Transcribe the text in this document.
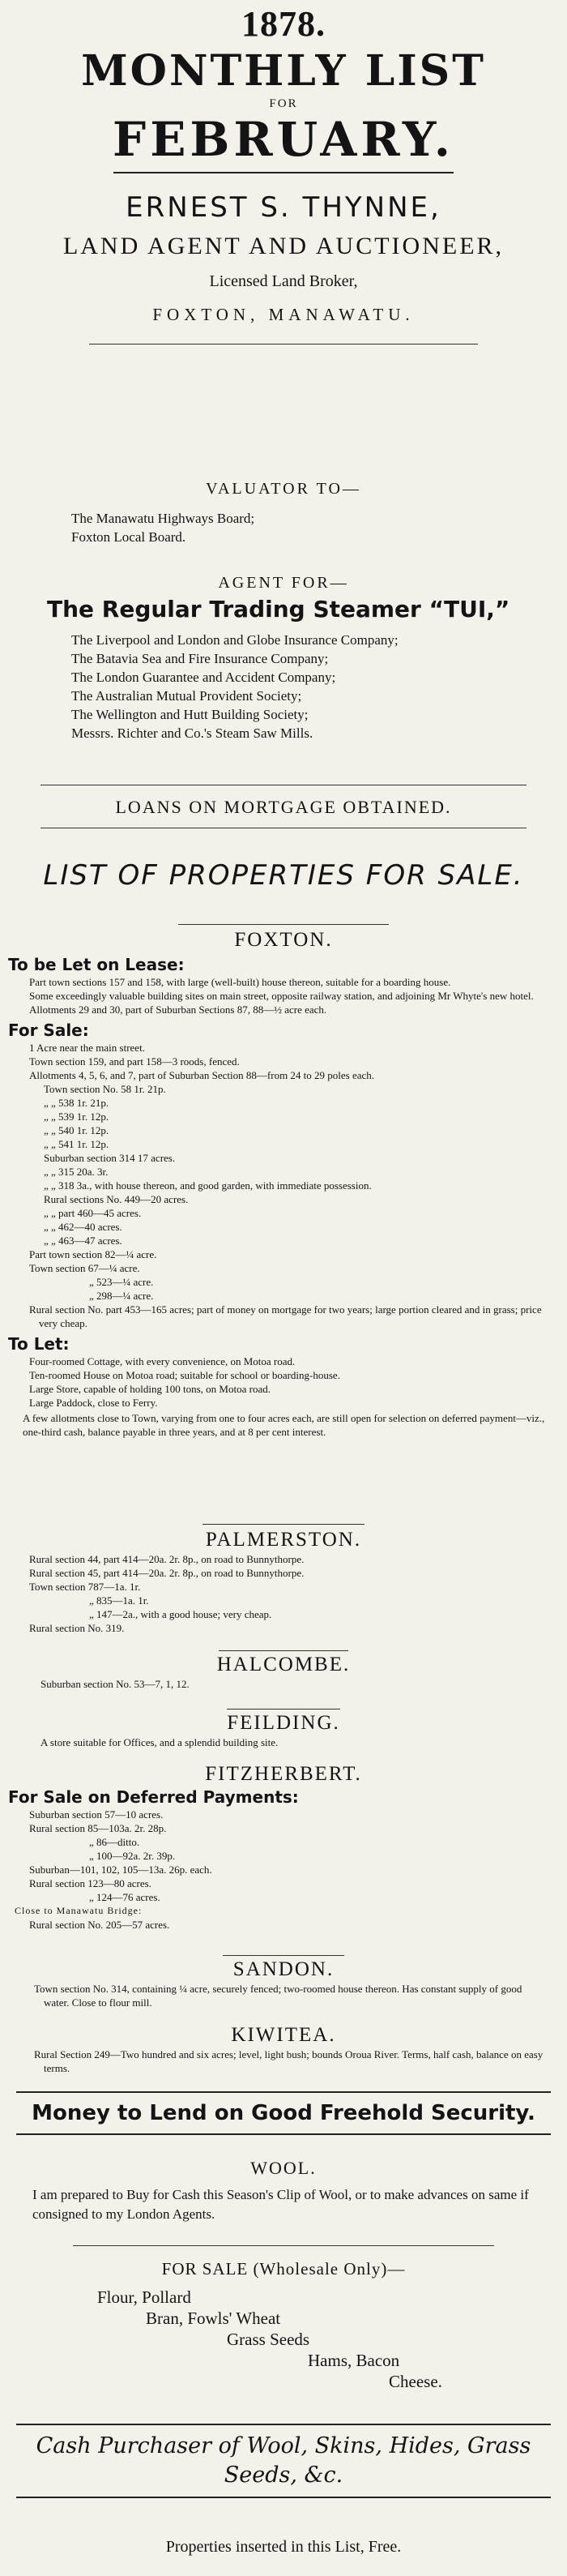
1878.
MONTHLY LIST
FOR
FEBRUARY.
ERNEST S. THYNNE,
LAND AGENT AND AUCTIONEER,
Licensed Land Broker,
FOXTON, MANAWATU.
VALUATOR TO—
The Manawatu Highways Board;
Foxton Local Board.
AGENT FOR—
The Regular Trading Steamer “TUI,”
The Liverpool and London and Globe Insurance Company;
The Batavia Sea and Fire Insurance Company;
The London Guarantee and Accident Company;
The Australian Mutual Provident Society;
The Wellington and Hutt Building Society;
Messrs. Richter and Co.'s Steam Saw Mills.
LOANS ON MORTGAGE OBTAINED.
LIST OF PROPERTIES FOR SALE.
FOXTON.
To be Let on Lease:
Part town sections 157 and 158, with large (well-built) house thereon, suitable for a boarding house.
Some exceedingly valuable building sites on main street, opposite railway station, and adjoining Mr Whyte's new hotel.
Allotments 29 and 30, part of Suburban Sections 87, 88—½ acre each.
For Sale:
1 Acre near the main street.
Town section 159, and part 158—3 roods, fenced.
Allotments 4, 5, 6, and 7, part of Suburban Section 88—from 24 to 29 poles each.
Town section No. 58 1r. 21p.
„ „ 538 1r. 21p.
„ „ 539 1r. 12p.
„ „ 540 1r. 12p.
„ „ 541 1r. 12p.
Suburban section 314 17 acres.
„ „ 315 20a. 3r.
„ „ 318 3a., with house thereon, and good garden, with immediate possession.
Rural sections No. 449—20 acres.
„ „ part 460—45 acres.
„ „ 462—40 acres.
„ „ 463—47 acres.
Part town section 82—¼ acre.
Town section 67—¼ acre.
„ 523—¼ acre.
„ 298—¼ acre.
Rural section No. part 453—165 acres; part of money on mortgage for two years; large portion cleared and in grass; price very cheap.
To Let:
Four-roomed Cottage, with every convenience, on Motoa road.
Ten-roomed House on Motoa road; suitable for school or boarding-house.
Large Store, capable of holding 100 tons, on Motoa road.
Large Paddock, close to Ferry.
A few allotments close to Town, varying from one to four acres each, are still open for selection on deferred payment—viz., one-third cash, balance payable in three years, and at 8 per cent interest.
PALMERSTON.
Rural section 44, part 414—20a. 2r. 8p., on road to Bunnythorpe.
Rural section 45, part 414—20a. 2r. 8p., on road to Bunnythorpe.
Town section 787—1a. 1r.
„ 835—1a. 1r.
„ 147—2a., with a good house; very cheap.
Rural section No. 319.
HALCOMBE.
Suburban section No. 53—7, 1, 12.
FEILDING.
A store suitable for Offices, and a splendid building site.
FITZHERBERT.
For Sale on Deferred Payments:
Suburban section 57—10 acres.
Rural section 85—103a. 2r. 28p.
„ 86—ditto.
„ 100—92a. 2r. 39p.
Suburban—101, 102, 105—13a. 26p. each.
Rural section 123—80 acres.
„ 124—76 acres.
Close to Manawatu Bridge:
Rural section No. 205—57 acres.
SANDON.
Town section No. 314, containing ¼ acre, securely fenced; two-roomed house thereon. Has constant supply of good water. Close to flour mill.
KIWITEA.
Rural Section 249—Two hundred and six acres; level, light bush; bounds Oroua River. Terms, half cash, balance on easy terms.
Money to Lend on Good Freehold Security.
WOOL.
I am prepared to Buy for Cash this Season's Clip of Wool, or to make advances on same if consigned to my London Agents.
FOR SALE (Wholesale Only)—
Flour, Pollard
Bran, Fowls' Wheat
Grass Seeds
Hams, Bacon
Cheese.
Cash Purchaser of Wool, Skins, Hides, Grass Seeds, &c.
Properties inserted in this List, Free.
